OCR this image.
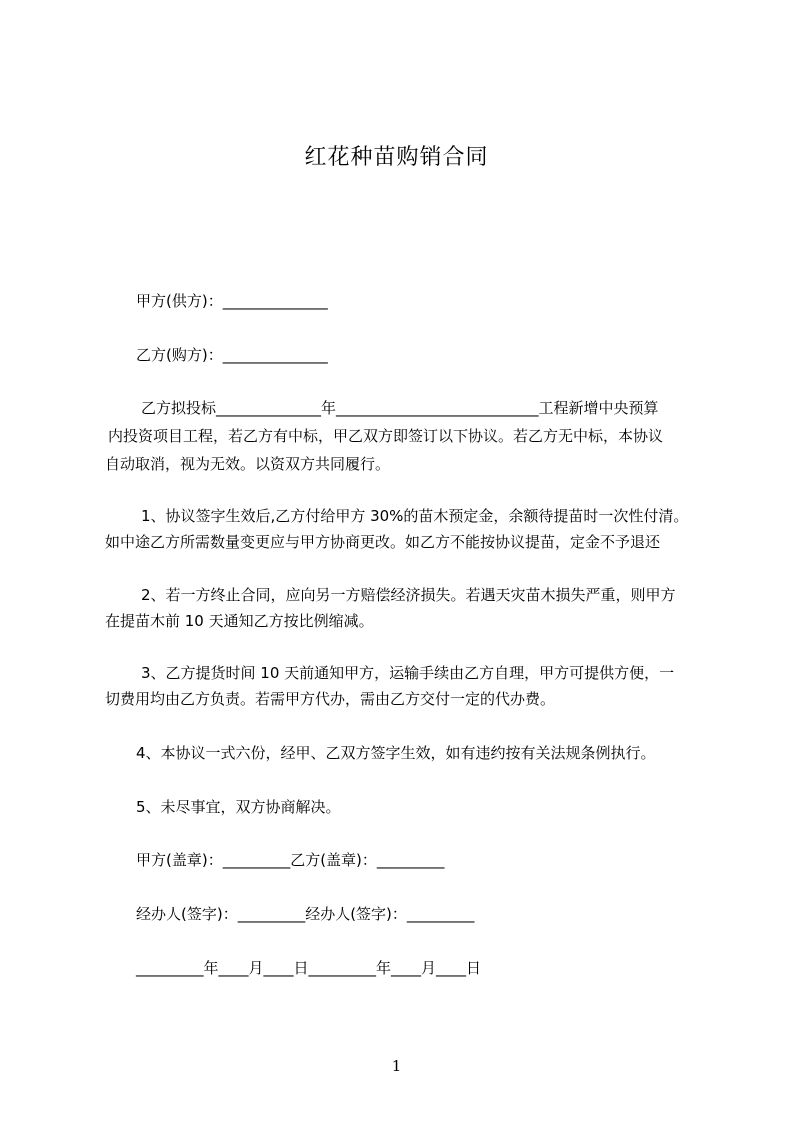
红花种苗购销合同
甲方(供方)：______________
乙方(购方)：______________
乙方拟投标______________年___________________________工程新增中央预算
内投资项目工程，若乙方有中标，甲乙双方即签订以下协议。若乙方无中标，本协议
自动取消，视为无效。以资双方共同履行。
1、协议签字生效后,乙方付给甲方 30%的苗木预定金，余额待提苗时一次性付清。
如中途乙方所需数量变更应与甲方协商更改。如乙方不能按协议提苗，定金不予退还
2、若一方终止合同，应向另一方赔偿经济损失。若遇天灾苗木损失严重，则甲方
在提苗木前 10 天通知乙方按比例缩减。
3、乙方提货时间 10 天前通知甲方，运输手续由乙方自理，甲方可提供方便，一
切费用均由乙方负责。若需甲方代办，需由乙方交付一定的代办费。
4、本协议一式六份，经甲、乙双方签字生效，如有违约按有关法规条例执行。
5、未尽事宜，双方协商解决。
甲方(盖章)：_________乙方(盖章)：_________
经办人(签字)：_________经办人(签字)：_________
_________年____月____日_________年____月____日
1
